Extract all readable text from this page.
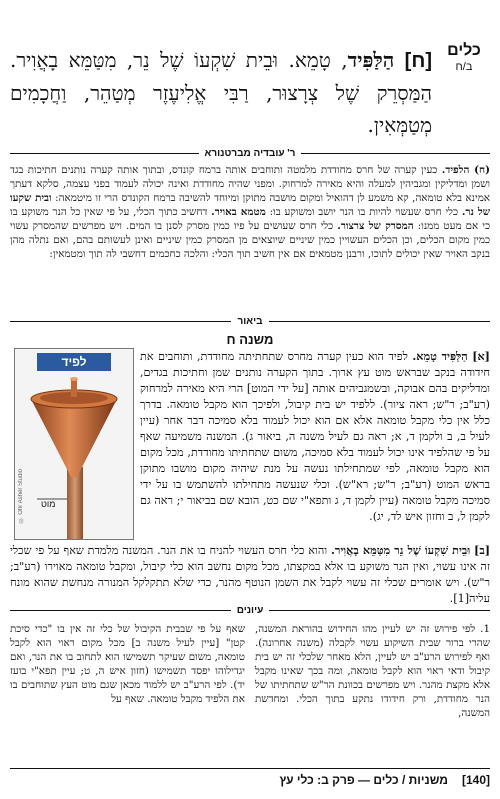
כלים
ב/ח
[ח] הַלַּפִּיד, טָמֵא. וּבֵית שִׁקְעוֹ שֶׁל נֵר, מִטַּמֵּא בָאֲוִיר. הַמַּסְרֵק שֶׁל צְרָצוּר, רַבִּי אֱלִיעֶזֶר מְטַהֵר, וַחֲכָמִים מְטַמְּאִין.
ר' עובדיה מברטנורא
(ח) הלפיד. כעין קערה של חרס מחודדת מלמטה ותוחבים אותה ברמח קונדס, ובתוך אותה קערה נותנים חתיכות בגד ושמן ומדליקין ומגביהין למעלה והיא מאירה למרחוק. ומפני שהיה מחודדת ואינה יכולה לעמוד בפני עצמה, סלקא דעתך אמינא בלא טומאה, קא משמע לן דהואיל ומקום מושבה מתוקן ומיוחד להשיבה ברמח הקונדס הרי זו מיטמאה: ובית שקעו של נר. כלי חרס שעשוי להיות בו הנר יושב ומשוקע בו: מטמא באויר. דחשיב כתוך הכלי, על פי שאין כל הנר משוקע בו כי אם מעט ממנו: המסרק של צרצור. כלי חרס שעושים על פיו כמין מסרק לסנן בו המים. ויש מפרשים שהמסרק עשוי כמין מקום הכלים, וכן הכלים העשויין כמין שיניים שיוצאים מן המסרק כמין שיניים ואינן לעשותם בהם, ואם נתלה מהן בנקב האויר שאין יכולים לתוכו, ורבנן מטמאים אם אין חשיב תוך הכלי: והלכה כחכמים דחשבי לה תוך ומטמאין:
ביאור
משנה ח
לפיד
מוט
© Ohr Asher Studio
[א] הַלַּפִּיד טָמֵא. לפיד הוא כעין קערה מחרס שתחתיתה מחודדת, ותוחבים את חידודה בנקב שבראש מוט עץ ארוך. בתוך הקערה נותנים שמן וחתיכות בגדים, ומדליקים בהם אבוקה, ובשמגביהים אותה [על ידי המוט] הרי היא מאירה למרחוק (רע"ב; ר"ש; ראה ציור). ללפיד יש בית קיבול, ולפיכך הוא מקבל טומאה. בדרך כלל אין כלי מקבל טומאה אלא אם הוא יכול לעמוד בלא סמיכה דבר אחר (עיין לעיל ב, ב ולקמן ד, א; ראה גם לעיל משנה ה, ביאור ג). המשנה משמיעה שאף על פי שהלפיד אינו יכול לעמוד בלא סמיכה, משום שתחתיתו מחודדת, מכל מקום הוא מקבל טומאה, לפי שמתחילתו נעשה על מנת שיהיה מקום מושבו מתוקן בראש המוט (רע"ב; ר"ש; רא"ש). וכלי שנעשה מתחילתו להשתמש בו על ידי סמיכה מקבל טומאה (עיין לקמן ד, ג ותפא"י שם כט, הובא שם בביאור י; ראה גם לקמן ל, ב וחזון איש לד, יג).
[ב] וּבֵית שִׁקְעוֹ שֶׁל נֵר מִטַּמֵּא בָאֲוִיר. והוא כלי חרס העשוי להניח בו את הנר. המשנה מלמדת שאף על פי שכלי זה אינו עשוי, ואין הנר משוקע בו אלא במקצתו, מכל מקום נחשב הוא כלי קיבול, ומקבל טומאה מאוירו (רע"ב; ר"ש). ויש אומרים שכלי זה עשוי לקבל את השמן הנוטף מהנר, כדי שלא תתקלקל המנורה מנחשת שהוא מונח עליה[1].
עיונים
1. לפי פירוש זה יש לעיין מהו החידוש בהוראת המשנה, שהרי ברור שבית השיקוע עשוי לקבלה (משנה אחרונה). ואף לפירוש הרע"ב יש לעיין, הלא מאחר שלכלי זה יש בית קיבול ודאי ראוי הוא לקבל טומאה, ומה בכך שאינו מקבל אלא מקצת מהנר. ויש מפרשים בכוונת הר"ש שתחתיתו של הנר מחודדת, ורק חידודו נתקע בתוך הכלי. ומחדשת המשנה,
שאף על פי שבבית הקיבול של כלי זה אין בו "כדי סיכת קטן" [עיין לעיל משנה ב] מכל מקום ראוי הוא לקבל טומאה, משום שעיקר תשמישו הוא לתחוב בו את הנר, ואם יגדילוהו יפסד תשמישו (חזון איש ה, ט; עיין תפא"י בועז יד). לפי הרע"ב יש ללמוד מכאן שגם מוט העץ שתוחבים בו את הלפיד מקבל טומאה. שאף על
[140]
משניות / כלים — פרק ב: כלי עץ
